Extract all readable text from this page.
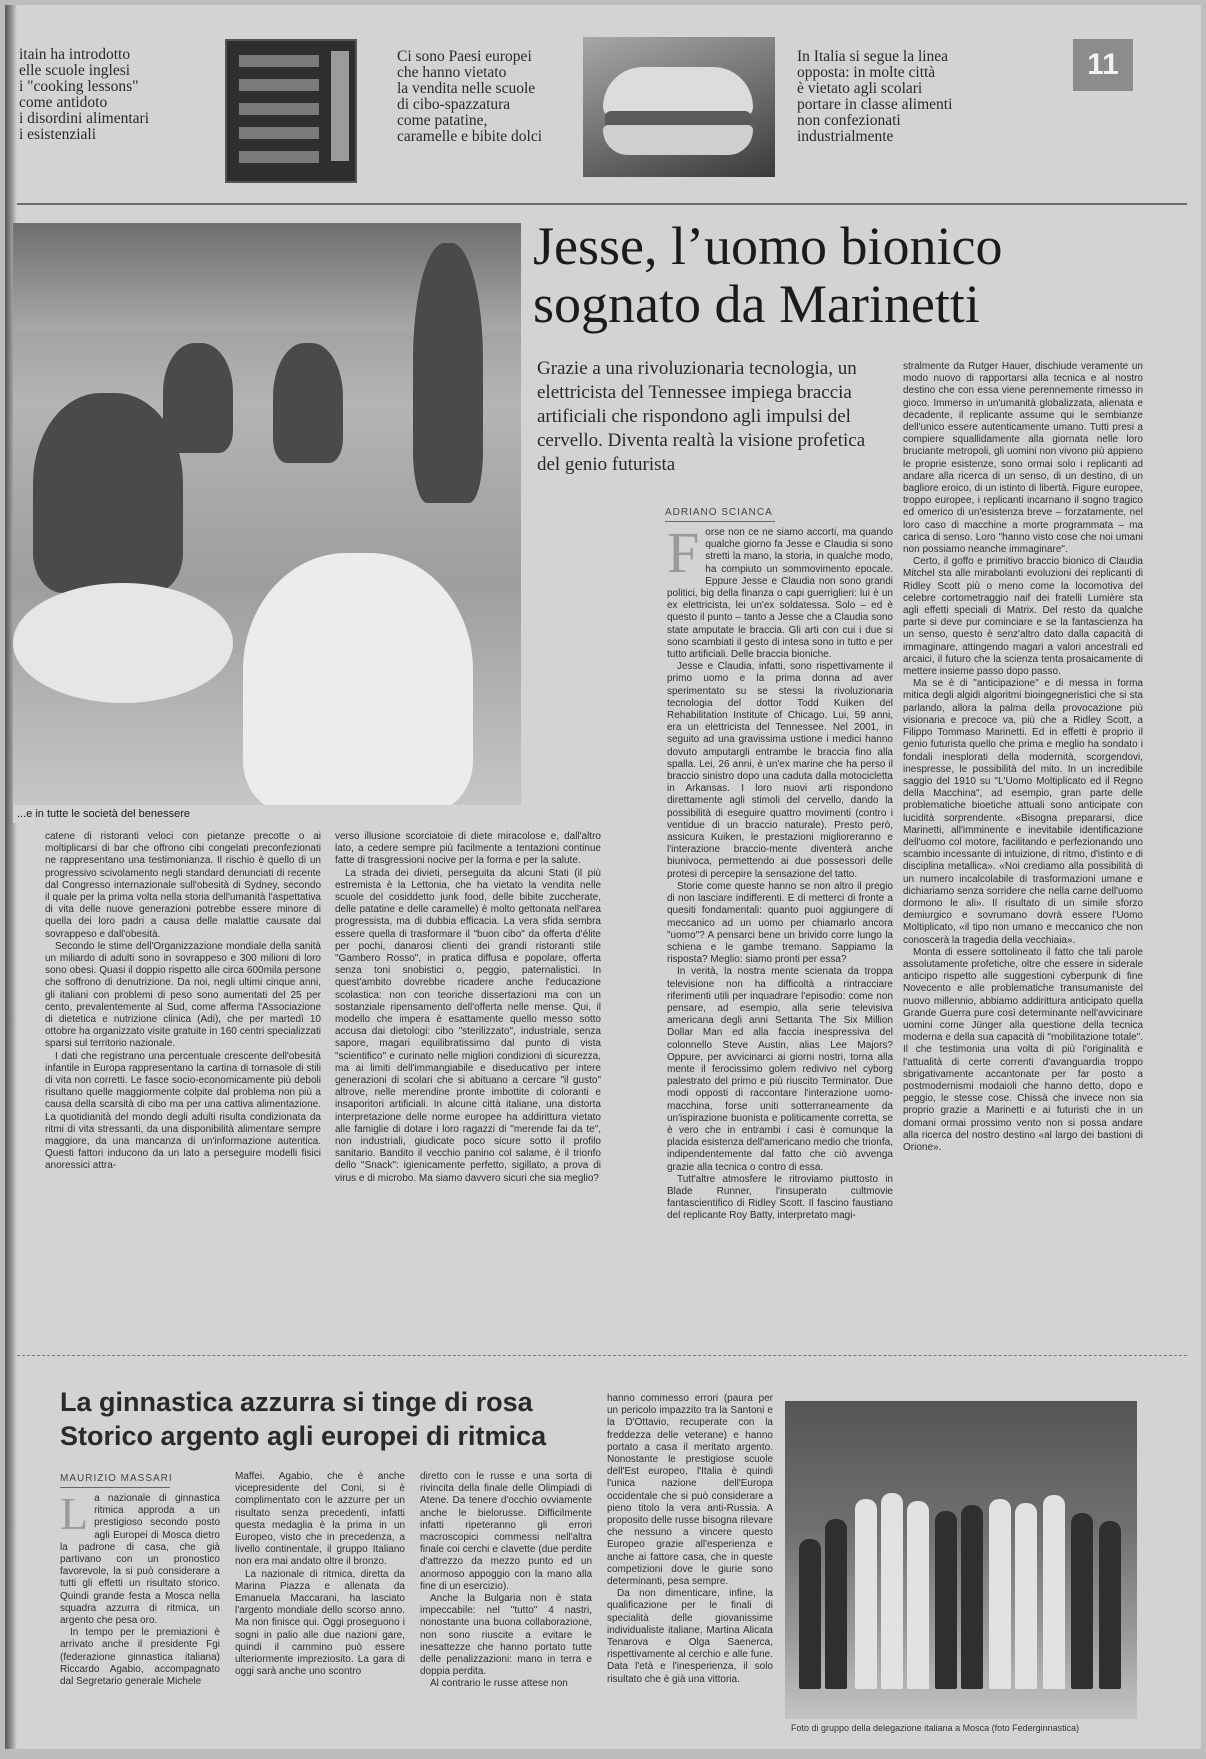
itain ha introdotto
elle scuole inglesi
i "cooking lessons"
come antidoto
i disordini alimentari
i esistenziali
Ci sono Paesi europei
che hanno vietato
la vendita nelle scuole
di cibo-spazzatura
come patatine,
caramelle e bibite dolci
In Italia si segue la linea
opposta: in molte città
è vietato agli scolari
portare in classe alimenti
non confezionati
industrialmente
11
...e in tutte le società del benessere
Jesse, l’uomo bionico sognato da Marinetti
Grazie a una rivoluzionaria tecnologia, un elettricista del Tennessee impiega braccia artificiali che rispondono agli impulsi del cervello. Diventa realtà la visione profetica del genio futurista
ADRIANO SCIANCA

Forse non ce ne siamo accorti, ma quando qualche giorno fa Jesse e Claudia si sono stretti la mano, la storia, in qualche modo, ha compiuto un sommovimento epocale. Eppure Jesse e Claudia non sono grandi politici, big della finanza o capi guerriglieri: lui è un ex elettricista, lei un'ex soldatessa. Solo – ed è questo il punto – tanto a Jesse che a Claudia sono state amputate le braccia. Gli arti con cui i due si sono scambiati il gesto di intesa sono in tutto e per tutto artificiali. Delle braccia bioniche.

Jesse e Claudia, infatti, sono rispettivamente il primo uomo e la prima donna ad aver sperimentato su se stessi la rivoluzionaria tecnologia del dottor Todd Kuiken del Rehabilitation Institute of Chicago. Lui, 59 anni, era un elettricista del Tennessee. Nel 2001, in seguito ad una gravissima ustione i medici hanno dovuto amputargli entrambe le braccia fino alla spalla. Lei, 26 anni, è un'ex marine che ha perso il braccio sinistro dopo una caduta dalla motocicletta in Arkansas. I loro nuovi arti rispondono direttamente agli stimoli del cervello, dando la possibilità di eseguire quattro movimenti (contro i ventidue di un braccio naturale). Presto però, assicura Kuiken, le prestazioni miglioreranno e l'interazione braccio-mente diventerà anche biunivoca, permettendo ai due possessori delle protesi di percepire la sensazione del tatto.

Storie come queste hanno se non altro il pregio di non lasciare indifferenti. E di metterci di fronte a quesiti fondamentali: quanto puoi aggiungere di meccanico ad un uomo per chiamarlo ancora "uomo"? A pensarci bene un brivido corre lungo la schiena e le gambe tremano. Sappiamo la risposta? Meglio: siamo pronti per essa?

In verità, la nostra mente scienata da troppa televisione non ha difficoltà a rintracciare riferimenti utili per inquadrare l'episodio: come non pensare, ad esempio, alla serie televisiva americana degli anni Settanta The Six Million Dollar Man ed alla faccia inespressiva del colonnello Steve Austin, alias Lee Majors? Oppure, per avvicinarci ai giorni nostri, torna alla mente il ferocissimo golem redivivo nel cyborg palestrato del primo e più riuscito Terminator. Due modi opposti di raccontare l'interazione uomo-macchina, forse uniti sotterraneamente da un'ispirazione buonista e politicamente corretta, se è vero che in entrambi i casi è comunque la placida esistenza dell'americano medio che trionfa, indipendentemente dal fatto che ciò avvenga grazie alla tecnica o contro di essa.

Tutt'altre atmosfere le ritroviamo piuttosto in Blade Runner, l'insuperato cultmovie fantascientifico di Ridley Scott. Il fascino faustiano del replicante Roy Batty, interpretato magi-

stralmente da Rutger Hauer, dischiude veramente un modo nuovo di rapportarsi alla tecnica e al nostro destino che con essa viene perennemente rimesso in gioco. Immerso in un'umanità globalizzata, alienata e decadente, il replicante assume qui le sembianze dell'unico essere autenticamente umano. Tutti presi a compiere squallidamente alla giornata nelle loro bruciante metropoli, gli uomini non vivono più appieno le proprie esistenze, sono ormai solo i replicanti ad andare alla ricerca di un senso, di un destino, di un bagliore eroico, di un istinto di libertà. Figure europee, troppo europee, i replicanti incarnano il sogno tragico ed omerico di un'esistenza breve – forzatamente, nel loro caso di macchine a morte programmata – ma carica di senso. Loro "hanno visto cose che noi umani non possiamo neanche immaginare".

Certo, il goffo e primitivo braccio bionico di Claudia Mitchel sta alle mirabolanti evoluzioni dei replicanti di Ridley Scott più o meno come la locomotiva del celebre cortometraggio naif dei fratelli Lumière sta agli effetti speciali di Matrix. Del resto da qualche parte si deve pur cominciare e se la fantascienza ha un senso, questo è senz'altro dato dalla capacità di immaginare, attingendo magari a valori ancestrali ed arcaici, il futuro che la scienza tenta prosaicamente di mettere insieme passo dopo passo.

Ma se è di "anticipazione" e di messa in forma mitica degli algidi algoritmi bioingegneristici che si sta parlando, allora la palma della provocazione più visionaria e precoce va, più che a Ridley Scott, a Filippo Tommaso Marinetti. Ed in effetti è proprio il genio futurista quello che prima e meglio ha sondato i fondali inesplorati della modernità, scorgendovi, inespresse, le possibilità del mito. In un incredibile saggio del 1910 su "L'Uomo Moltiplicato ed il Regno della Macchina", ad esempio, gran parte delle problematiche bioetiche attuali sono anticipate con lucidità sorprendente. «Bisogna prepararsi, dice Marinetti, all'imminente e inevitabile identificazione dell'uomo col motore, facilitando e perfezionando uno scambio incessante di intuizione, di ritmo, d'istinto e di disciplina metallica». «Noi crediamo alla possibilità di un numero incalcolabile di trasformazioni umane e dichiariamo senza sorridere che nella carne dell'uomo dormono le ali». Il risultato di un simile sforzo demiurgico e sovrumano dovrà essere l'Uomo Moltiplicato, «il tipo non umano e meccanico che non conoscerà la tragedia della vecchiaia».

Monta di essere sottolineato il fatto che tali parole assolutamente profetiche, oltre che essere in siderale anticipo rispetto alle suggestioni cyberpunk di fine Novecento e alle problematiche transumaniste del nuovo millennio, abbiamo addirittura anticipato quella Grande Guerra pure così determinante nell'avvicinare uomini come Jünger alla questione della tecnica moderna e della sua capacità di "mobilitazione totale". Il che testimonia una volta di più l'originalità e l'attualità di certe correnti d'avanguardia troppo sbrigativamente accantonate per far posto a postmodernismi modaioli che hanno detto, dopo e peggio, le stesse cose. Chissà che invece non sia proprio grazie a Marinetti e ai futuristi che in un domani ormai prossimo vento non si possa andare alla ricerca del nostro destino «al largo dei bastioni di Orione».

catene di ristoranti veloci con pietanze precotte o ai moltiplicarsi di bar che offrono cibi congelati preconfezionati ne rappresentano una testimonianza. Il rischio è quello di un progressivo scivolamento negli standard denunciati di recente dal Congresso internazionale sull'obesità di Sydney, secondo il quale per la prima volta nella storia dell'umanità l'aspettativa di vita delle nuove generazioni potrebbe essere minore di quella dei loro padri a causa delle malattie causate dal sovrappeso e dall'obesità.

Secondo le stime dell'Organizzazione mondiale della sanità un miliardo di adulti sono in sovrappeso e 300 milioni di loro sono obesi. Quasi il doppio rispetto alle circa 600mila persone che soffrono di denutrizione. Da noi, negli ultimi cinque anni, gli italiani con problemi di peso sono aumentati del 25 per cento, prevalentemente al Sud, come afferma l'Associazione di dietetica e nutrizione clinica (Adi), che per martedì 10 ottobre ha organizzato visite gratuite in 160 centri specializzati sparsi sul territorio nazionale.

I dati che registrano una percentuale crescente dell'obesità infantile in Europa rappresentano la cartina di tornasole di stili di vita non corretti. Le fasce socio-economicamente più deboli risultano quelle maggiormente colpite dal problema non più a causa della scarsità di cibo ma per una cattiva alimentazione. La quotidianità del mondo degli adulti risulta condizionata da ritmi di vita stressanti, da una disponibilità alimentare sempre maggiore, da una mancanza di un'informazione autentica. Questi fattori inducono da un lato a perseguire modelli fisici anoressici attra-

verso illusione scorciatoie di diete miracolose e, dall'altro lato, a cedere sempre più facilmente a tentazioni continue fatte di trasgressioni nocive per la forma e per la salute.

La strada dei divieti, perseguita da alcuni Stati (il più estremista è la Lettonia, che ha vietato la vendita nelle scuole del cosiddetto junk food, delle bibite zuccherate, delle patatine e delle caramelle) è molto gettonata nell'area progressista, ma di dubbia efficacia. La vera sfida sembra essere quella di trasformare il "buon cibo" da offerta d'élite per pochi, danarosi clienti dei grandi ristoranti stile "Gambero Rosso", in pratica diffusa e popolare, offerta senza toni snobistici o, peggio, paternalistici. In quest'ambito dovrebbe ricadere anche l'educazione scolastica: non con teoriche dissertazioni ma con un sostanziale ripensamento dell'offerta nelle mense. Qui, il modello che impera è esattamente quello messo sotto accusa dai dietologi: cibo "sterilizzato", industriale, senza sapore, magari equilibratissimo dal punto di vista "scientifico" e curinato nelle migliori condizioni di sicurezza, ma ai limiti dell'immangiabile e diseducativo per intere generazioni di scolari che si abituano a cercare "il gusto" altrove, nelle merendine pronte imbottite di coloranti e insaporitori artificiali. In alcune città italiane, una distorta interpretazione delle norme europee ha addirittura vietato alle famiglie di dotare i loro ragazzi di "merende fai da te", non industriali, giudicate poco sicure sotto il profilo sanitario. Bandito il vecchio panino col salame, è il trionfo dello "Snack": igienicamente perfetto, sigillato, a prova di virus e di microbo. Ma siamo davvero sicuri che sia meglio?

La ginnastica azzurra si tinge di rosa
Storico argento agli europei di ritmica
MAURIZIO MASSARI

La nazionale di ginnastica ritmica approda a un prestigioso secondo posto agli Europei di Mosca dietro la padrone di casa, che già partivano con un pronostico favorevole, la si può considerare a tutti gli effetti un risultato storico. Quindi grande festa a Mosca nella squadra azzurra di ritmica, un argento che pesa oro.

In tempo per le premiazioni è arrivato anche il presidente Fgi (federazione ginnastica italiana) Riccardo Agabio, accompagnato dal Segretario generale Michele

Maffei. Agabio, che è anche vicepresidente del Coni, si è complimentato con le azzurre per un risultato senza precedenti, infatti questa medaglia è la prima in un Europeo, visto che in precedenza, a livello continentale, il gruppo Italiano non era mai andato oltre il bronzo.

La nazionale di ritmica, diretta da Marina Piazza e allenata da Emanuela Maccarani, ha lasciato l'argento mondiale dello scorso anno. Ma non finisce qui. Oggi proseguono i sogni in palio alle due nazioni gare, quindi il cammino può essere ulteriormente impreziosito. La gara di oggi sarà anche uno scontro

diretto con le russe e una sorta di rivincita della finale delle Olimpiadi di Atene. Da tenere d'occhio ovviamente anche le bielorusse. Difficilmente infatti ripeteranno gli errori macroscopici commessi nell'altra finale coi cerchi e clavette (due perdite d'attrezzo da mezzo punto ed un anormoso appoggio con la mano alla fine di un esercizio).

Anche la Bulgaria non è stata impeccabile: nel "tutto" 4 nastri, nonostante una buona collaborazione, non sono riuscite a evitare le inesattezze che hanno portato tutte delle penalizzazioni: mano in terra e doppia perdita.

Al contrario le russe attese non

hanno commesso errori (paura per un pericolo impazzito tra la Santoni e la D'Ottavio, recuperate con la freddezza delle veterane) e hanno portato a casa il meritato argento. Nonostante le prestigiose scuole dell'Est europeo, l'Italia è quindi l'unica nazione dell'Europa occidentale che si può considerare a pieno titolo la vera anti-Russia. A proposito delle russe bisogna rilevare che nessuno a vincere questo Europeo grazie all'esperienza e anche ai fattore casa, che in queste competizioni dove le giurie sono determinanti, pesa sempre.

Da non dimenticare, infine, la qualificazione per le finali di specialità delle giovanissime individualiste italiane, Martina Alicata Tenarova e Olga Saenerca, rispettivamente al cerchio e alle fune. Data l'età e l'inesperienza, il solo risultato che è già una vittoria.

Foto di gruppo della delegazione italiana a Mosca (foto Federginnastica)
